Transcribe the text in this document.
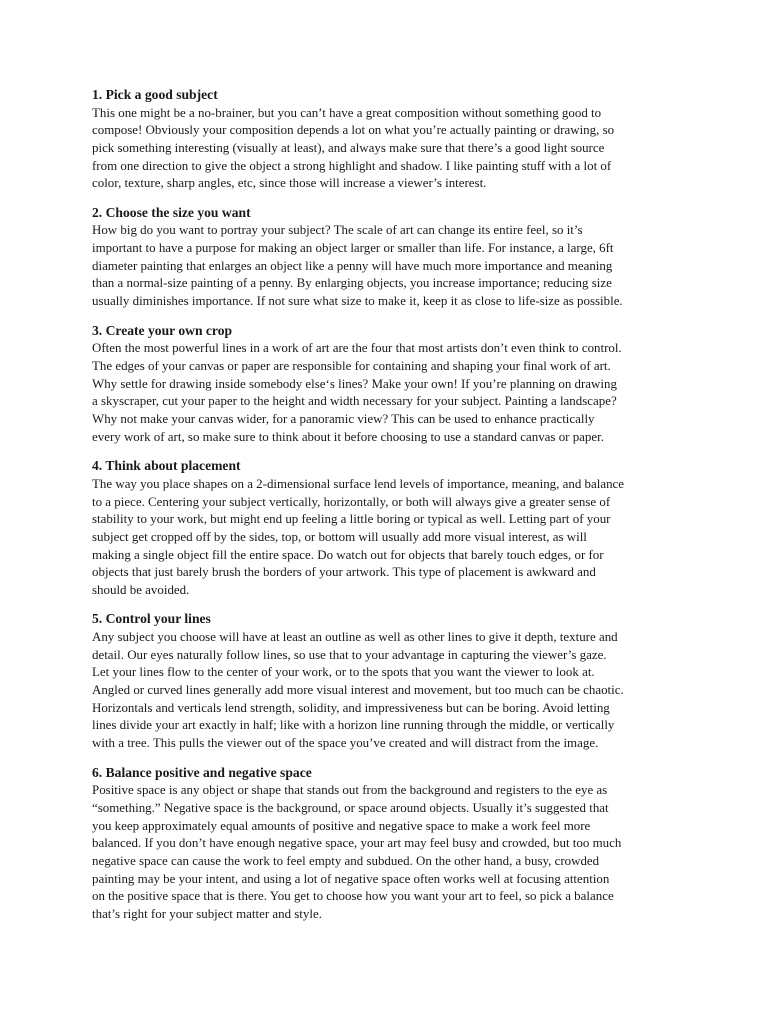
1. Pick a good subject
This one might be a no-brainer, but you can’t have a great composition without something good to
compose! Obviously your composition depends a lot on what you’re actually painting or drawing, so
pick something interesting (visually at least), and always make sure that there’s a good light source
from one direction to give the object a strong highlight and shadow. I like painting stuff with a lot of
color, texture, sharp angles, etc, since those will increase a viewer’s interest.
2. Choose the size you want
How big do you want to portray your subject? The scale of art can change its entire feel, so it’s
important to have a purpose for making an object larger or smaller than life. For instance, a large, 6ft
diameter painting that enlarges an object like a penny will have much more importance and meaning
than a normal-size painting of a penny. By enlarging objects, you increase importance; reducing size
usually diminishes importance. If not sure what size to make it, keep it as close to life-size as possible.
3. Create your own crop
Often the most powerful lines in a work of art are the four that most artists don’t even think to control.
The edges of your canvas or paper are responsible for containing and shaping your final work of art.
Why settle for drawing inside somebody else‘s lines? Make your own! If you’re planning on drawing
a skyscraper, cut your paper to the height and width necessary for your subject. Painting a landscape?
Why not make your canvas wider, for a panoramic view? This can be used to enhance practically
every work of art, so make sure to think about it before choosing to use a standard canvas or paper.
4. Think about placement
The way you place shapes on a 2-dimensional surface lend levels of importance, meaning, and balance
to a piece. Centering your subject vertically, horizontally, or both will always give a greater sense of
stability to your work, but might end up feeling a little boring or typical as well. Letting part of your
subject get cropped off by the sides, top, or bottom will usually add more visual interest, as will
making a single object fill the entire space. Do watch out for objects that barely touch edges, or for
objects that just barely brush the borders of your artwork. This type of placement is awkward and
should be avoided.
5. Control your lines
Any subject you choose will have at least an outline as well as other lines to give it depth, texture and
detail. Our eyes naturally follow lines, so use that to your advantage in capturing the viewer’s gaze.
Let your lines flow to the center of your work, or to the spots that you want the viewer to look at.
Angled or curved lines generally add more visual interest and movement, but too much can be chaotic.
Horizontals and verticals lend strength, solidity, and impressiveness but can be boring. Avoid letting
lines divide your art exactly in half; like with a horizon line running through the middle, or vertically
with a tree. This pulls the viewer out of the space you’ve created and will distract from the image.
6. Balance positive and negative space
Positive space is any object or shape that stands out from the background and registers to the eye as
“something.” Negative space is the background, or space around objects. Usually it’s suggested that
you keep approximately equal amounts of positive and negative space to make a work feel more
balanced. If you don’t have enough negative space, your art may feel busy and crowded, but too much
negative space can cause the work to feel empty and subdued. On the other hand, a busy, crowded
painting may be your intent, and using a lot of negative space often works well at focusing attention
on the positive space that is there. You get to choose how you want your art to feel, so pick a balance
that’s right for your subject matter and style.
